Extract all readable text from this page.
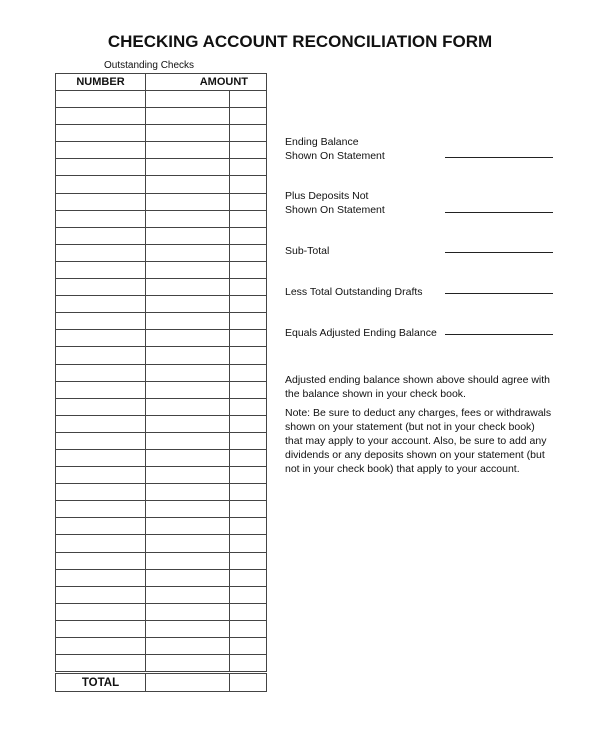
CHECKING ACCOUNT RECONCILIATION FORM
Outstanding Checks
NUMBER	AMOUNT	

TOTAL		
Ending Balance
Shown On Statement
Plus Deposits Not
Shown On Statement
Sub-Total
Less Total Outstanding Drafts
Equals Adjusted Ending Balance
Adjusted ending balance shown above should agree with the balance shown in your check book.
Note: Be sure to deduct any charges, fees or withdrawals shown on your statement (but not in your check book) that may apply to your account. Also, be sure to add any dividends or any deposits shown on your statement (but not in your check book) that apply to your account.
